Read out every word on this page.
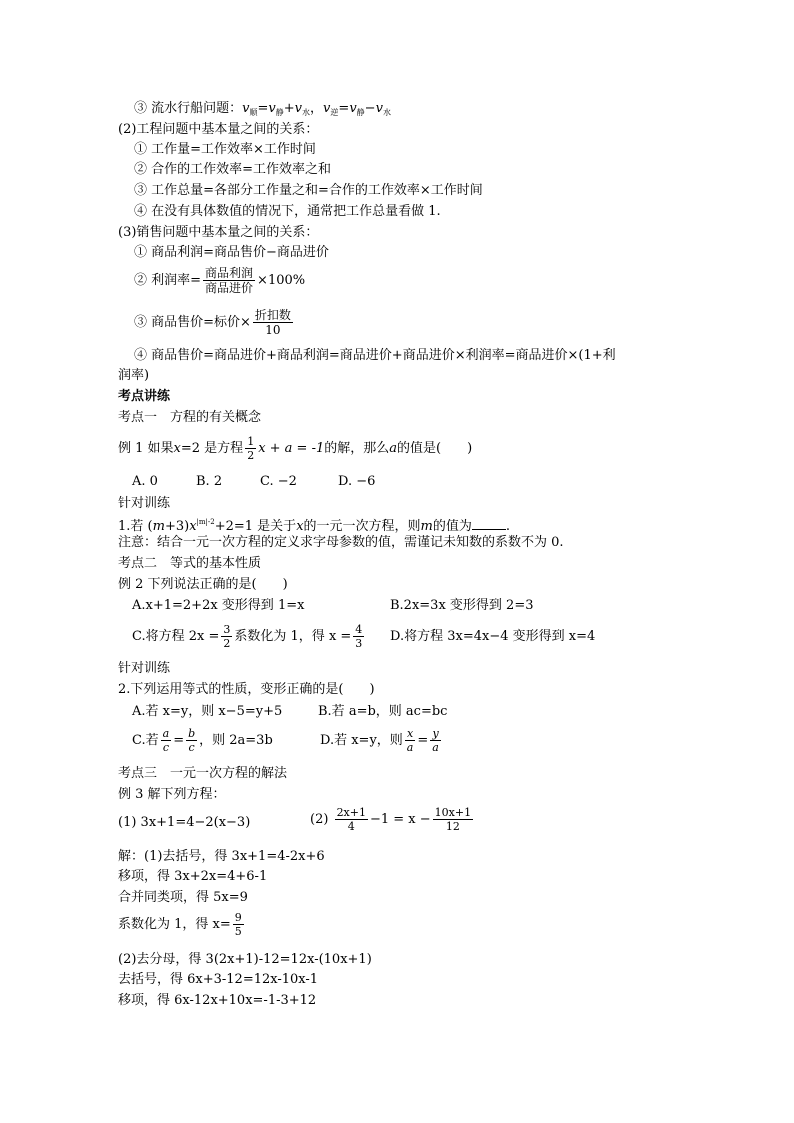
③ 流水行船问题：$v_顺=v_静+v_水$，$v_逆=v_静-v_水$
(2)工程问题中基本量之间的关系：
① 工作量=工作效率×工作时间
② 合作的工作效率=工作效率之和
③ 工作总量=各部分工作量之和=合作的工作效率×工作时间
④ 在没有具体数值的情况下，通常把工作总量看做 1.
(3)销售问题中基本量之间的关系：
① 商品利润=商品售价−商品进价
② 利润率= $\frac{\text{商品利润}}{\text{商品进价}} \times 100\%$
③ 商品售价=标价× $\frac{\text{折扣数}}{10}$
④ 商品售价=商品进价+商品利润=商品进价+商品进价×利润率=商品进价×(1+利
润率)
考点讲练
考点一　方程的有关概念
例 1 如果x=2 是方程 $\frac{1}{2}$ x + a = -1的解，那么a的值是(　　)
A. 0	B. 2	C. −2	D. −6
针对训练
1.若 $(m+3)x^{|m|-2}+2=1$ 是关于x的一元一次方程，则m的值为	.
注意：结合一元一次方程的定义求字母参数的值，需谨记未知数的系数不为 0.
考点二　等式的基本性质
例 2 下列说法正确的是(　　)
A.x+1=2+2x 变形得到 1=x	B.2x=3x 变形得到 2=3
C.将方程 $2x = \frac{3}{2}$ 系数化为 1，得 $x = \frac{4}{3} D$.将方程 3x=4x−4 变形得到 x=4
针对训练
2.下列运用等式的性质，变形正确的是(　　)
A.若 x=y，则 x−5=y+5	B.若 a=b，则 ac=bc
C.若 $\frac{a}{c} = \frac{b}{c}$ ，则 2a=3b	D.若 x=y，则 $\frac{x}{a} = \frac{y}{a}$
考点三　一元一次方程的解法
例 3 解下列方程：
(1) 3x+1=4−2(x−3)	$(2) \frac{2x+1}{4} -1 = x - \frac{10x+1}{12}$
解：(1)去括号，得 3x+1=4-2x+6
移项，得 3x+2x=4+6-1
合并同类项，得 5x=9
系数化为 1，得 $x= \frac{9}{5}$
(2)去分母，得 3(2x+1)-12=12x-(10x+1)
去括号，得 6x+3-12=12x-10x-1
移项，得 6x-12x+10x=-1-3+12
